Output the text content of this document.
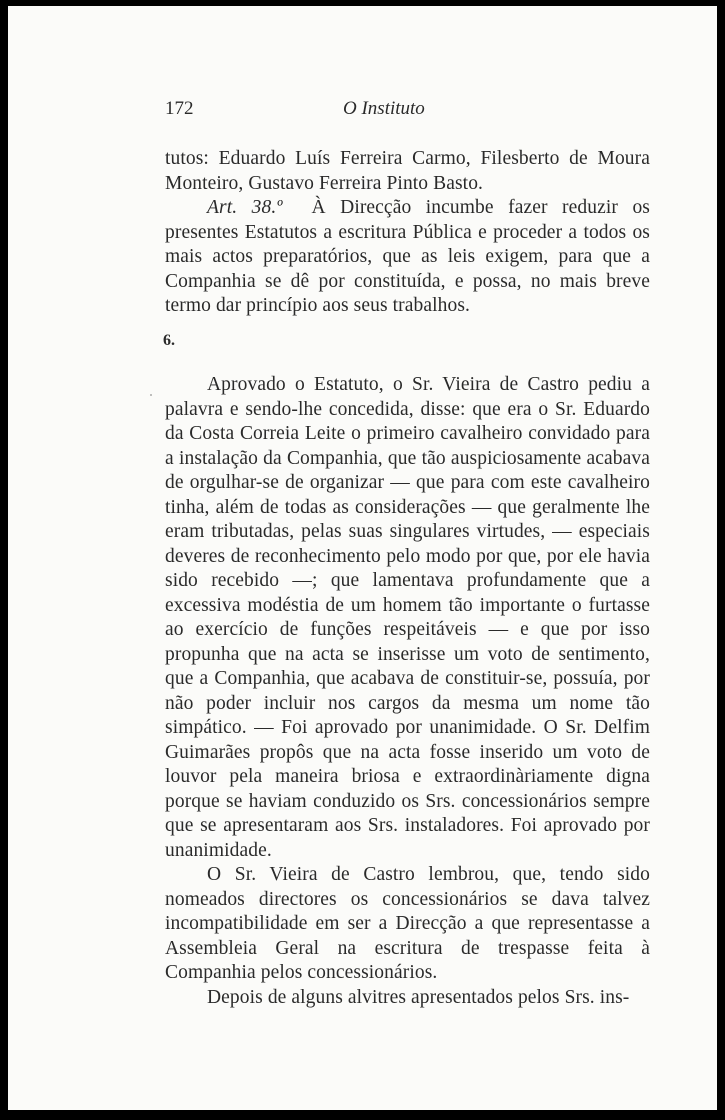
172	O Instituto

tutos: Eduardo Luís Ferreira Carmo, Filesberto de Moura Monteiro, Gustavo Ferreira Pinto Basto.

Art. 38.º À Direcção incumbe fazer reduzir os presentes Estatutos a escritura Pública e proceder a todos os mais actos preparatórios, que as leis exigem, para que a Companhia se dê por constituída, e possa, no mais breve termo dar princípio aos seus trabalhos.

6.

Aprovado o Estatuto, o Sr. Vieira de Castro pediu a palavra e sendo-lhe concedida, disse: que era o Sr. Eduardo da Costa Correia Leite o primeiro cavalheiro convidado para a instalação da Companhia, que tão auspiciosamente acabava de orgulhar-se de organizar — que para com este cavalheiro tinha, além de todas as considerações — que geralmente lhe eram tributadas, pelas suas singulares virtudes, — especiais deveres de reconhecimento pelo modo por que, por ele havia sido recebido —; que lamentava profundamente que a excessiva modéstia de um homem tão importante o furtasse ao exercício de funções respeitáveis — e que por isso propunha que na acta se inserisse um voto de sentimento, que a Companhia, que acabava de constituir-se, possuía, por não poder incluir nos cargos da mesma um nome tão simpático. — Foi aprovado por unanimidade. O Sr. Delfim Guimarães propôs que na acta fosse inserido um voto de louvor pela maneira briosa e extraordinàriamente digna porque se haviam conduzido os Srs. concessionários sempre que se apresentaram aos Srs. instaladores. Foi aprovado por unanimidade.

O Sr. Vieira de Castro lembrou, que, tendo sido nomeados directores os concessionários se dava talvez incompatibilidade em ser a Direcção a que representasse a Assembleia Geral na escritura de trespasse feita à Companhia pelos concessionários.

Depois de alguns alvitres apresentados pelos Srs. ins-
